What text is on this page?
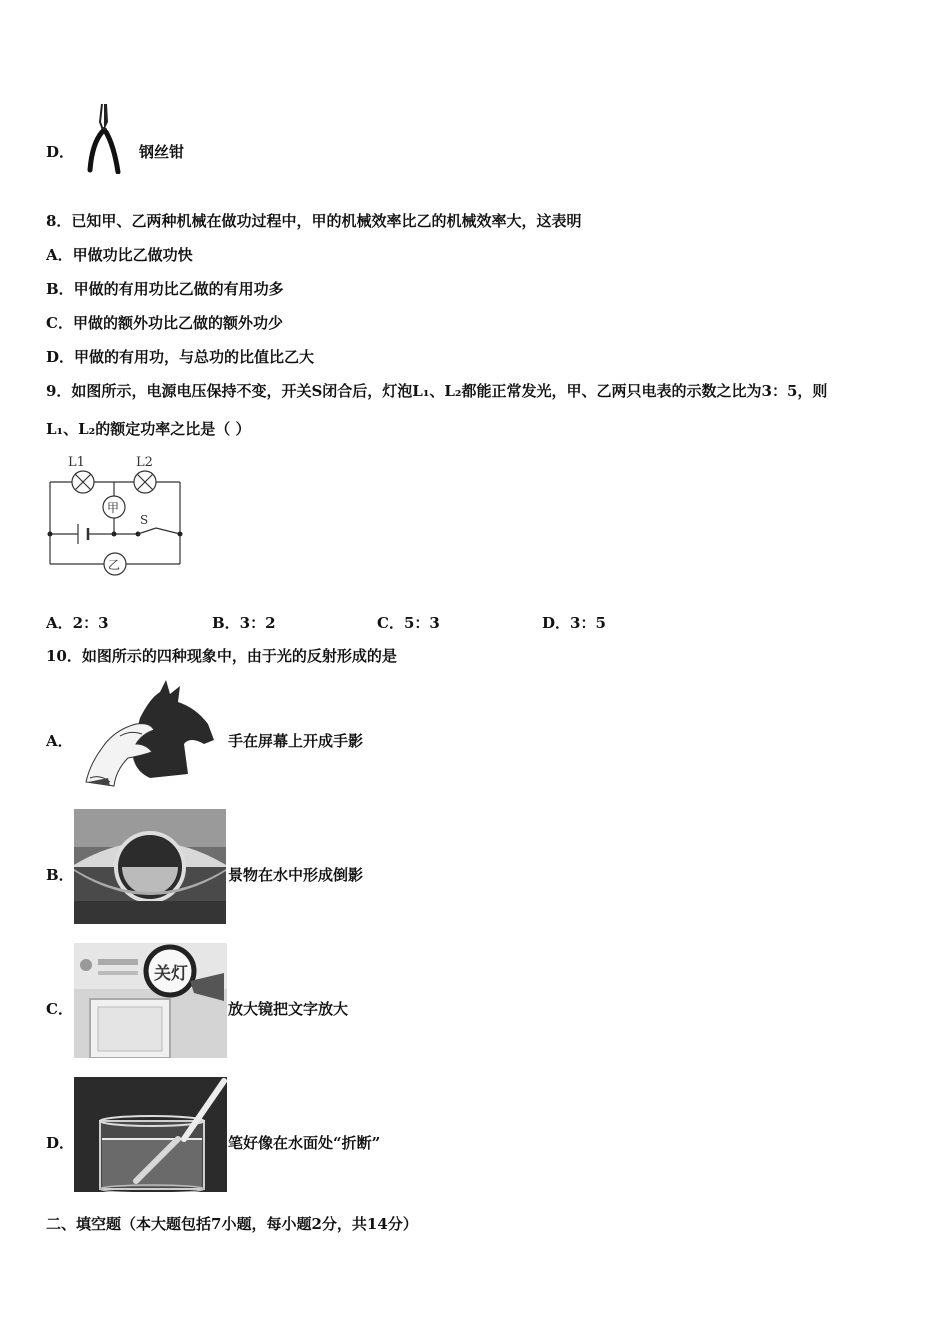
D．	钢丝钳
8．已知甲、乙两种机械在做功过程中，甲的机械效率比乙的机械效率大，这表明
A．甲做功比乙做功快
B．甲做的有用功比乙做的有用功多
C．甲做的额外功比乙做的额外功少
D．甲做的有用功，与总功的比值比乙大
9．如图所示，电源电压保持不变，开关S闭合后，灯泡L₁、L₂都能正常发光，甲、乙两只电表的示数之比为3：5，则
L₁、L₂的额定功率之比是（ ）
L1	L2
甲
乙
S
A．2：3	B．3：2	C．5：3	D．3：5
10．如图所示的四种现象中，由于光的反射形成的是
A．	手在屏幕上开成手影
B．	景物在水中形成倒影
C．
关灯
放大镜把文字放大
D．	笔好像在水面处“折断”
二、填空题（本大题包括7小题，每小题2分，共14分）
